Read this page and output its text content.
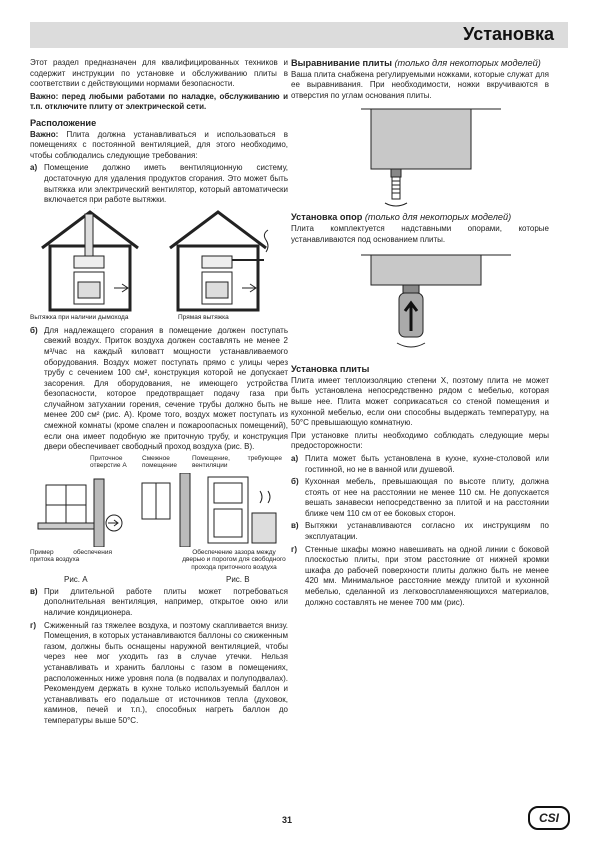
Установка

Этот раздел предназначен для квалифицированных техников и содержит инструкции по установке и обслуживанию плиты в соответствии с действующими нормами безопасности.

Важно: перед любыми работами по наладке, обслуживанию и т.п. отключите плиту от электрической сети.

Расположение

Важно: Плита должна устанавливаться и использоваться в помещениях с постоянной вентиляцией, для этого необходимо, чтобы соблюдались следующие требования:

а) Помещение должно иметь вентиляционную систему, достаточную для удаления продуктов сгорания. Это может быть вытяжка или электрический вентилятор, который автоматически включается при работе вытяжки.
Вытяжка при наличии дымохода	Прямая вытяжка
б) Для надлежащего сгорания в помещение должен поступать свежий воздух. Приток воздуха должен составлять не менее 2 м³/час на каждый киловатт мощности устанавливаемого оборудования. Воздух может поступать прямо с улицы через трубу с сечением 100 см², конструкция которой не допускает засорения. Для оборудования, не имеющего устройства безопасности, которое предотвращает подачу газа при случайном затухании горения, сечение трубы должно быть не менее 200 см² (рис. А). Кроме того, воздух может поступать из смежной комнаты (кроме спален и пожароопасных помещений), если она имеет подобную же приточную трубу, и конструкция двери обеспечивает свободный проход воздуха (рис. В).
Приточное отверстие А
Смежное помещение
Помещение, требующее вентиляции
Пример обеспечения притока воздуха
Обеспечение зазора между дверью и порогом для свободного прохода приточного воздуха
Рис. А	Рис. В
в) При длительной работе плиты может потребоваться дополнительная вентиляция, например, открытое окно или наличие кондиционера.
г)	Сжиженный газ тяжелее воздуха, и поэтому скапливается внизу. Помещения, в которых устанавливаются баллоны со сжиженным газом, должны быть оснащены наружной вентиляцией, чтобы через нее мог уходить газ в случае утечки. Нельзя устанавливать и хранить баллоны с газом в помещениях, расположенных ниже уровня пола (в подвалах и полуподвалах). Рекомендуем держать в кухне только используемый баллон и устанавливать его подальше от источников тепла (духовок, каминов, печей и т.п.), способных нагреть баллон до температуры выше 50°С.
Выравнивание плиты (только для некоторых моделей)

Ваша плита снабжена регулируемыми ножками, которые служат для ее выравнивания. При необходимости, ножки вкручиваются в отверстия по углам основания плиты.

Установка опор (только для некоторых моделей)

Плита комплектуется надставными опорами, которые устанавливаются под основанием плиты.

Установка плиты

Плита имеет теплоизоляцию степени X, поэтому плита не может быть установлена непосредственно рядом с мебелью, которая выше нее. Плита может соприкасаться со стеной помещения и кухонной мебелью, если они способны выдержать температуру, на 50°С превышающую комнатную.

При установке плиты необходимо соблюдать следующие меры предосторожности:

а) Плита может быть установлена в кухне, кухне-столовой или гостинной, но не в ванной или душевой.
б) Кухонная мебель, превышающая по высоте плиту, должна стоять от нее на расстоянии не менее 110 см. Не допускается вешать занавески непосредственно за плитой и на расстоянии ближе чем 110 см от ее боковых сторон.
в) Вытяжки устанавливаются согласно их инструкциям по эксплуатации.
г)	Стенные шкафы можно навешивать на одной линии с боковой плоскостью плиты, при этом расстояние от нижней кромки шкафа до рабочей поверхности плиты должно быть не менее 420 мм. Минимальное расстояние между плитой и кухонной мебелью, сделанной из легковоспламеняющихся материалов, должно составлять не менее 700 мм (рис).
31	CSI
